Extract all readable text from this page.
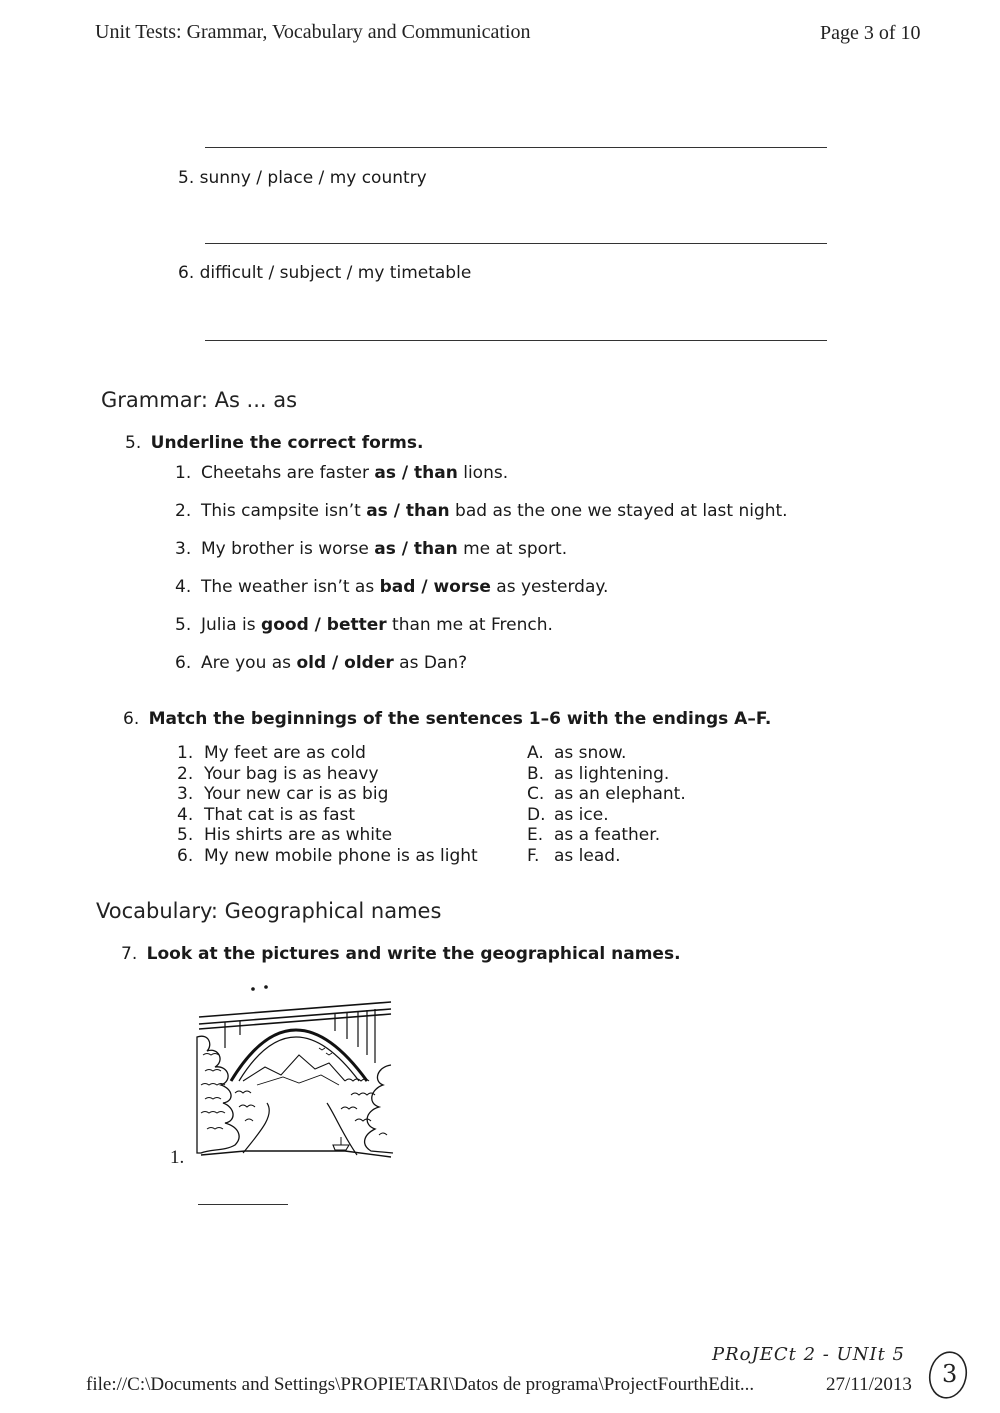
Unit Tests: Grammar, Vocabulary and Communication	Page 3 of 10
5. sunny / place / my country
6. difficult / subject / my timetable
Grammar: As ... as
5. Underline the correct forms.
1. Cheetahs are faster as / than lions.
2. This campsite isn’t as / than bad as the one we stayed at last night.
3. My brother is worse as / than me at sport.
4. The weather isn’t as bad / worse as yesterday.
5. Julia is good / better than me at French.
6. Are you as old / older as Dan?
6. Match the beginnings of the sentences 1–6 with the endings A–F.
1. My feet are as cold
2. Your bag is as heavy
3. Your new car is as big
4. That cat is as fast
5. His shirts are as white
6. My new mobile phone is as light
A. as snow.
B. as lightening.
C. as an elephant.
D. as ice.
E. as a feather.
F. as lead.
Vocabulary: Geographical names
7. Look at the pictures and write the geographical names.
1.
PRoJECt 2 - UNIt 5
file://C:\Documents and Settings\PROPIETARI\Datos de programa\ProjectFourthEdit...	27/11/2013 3
